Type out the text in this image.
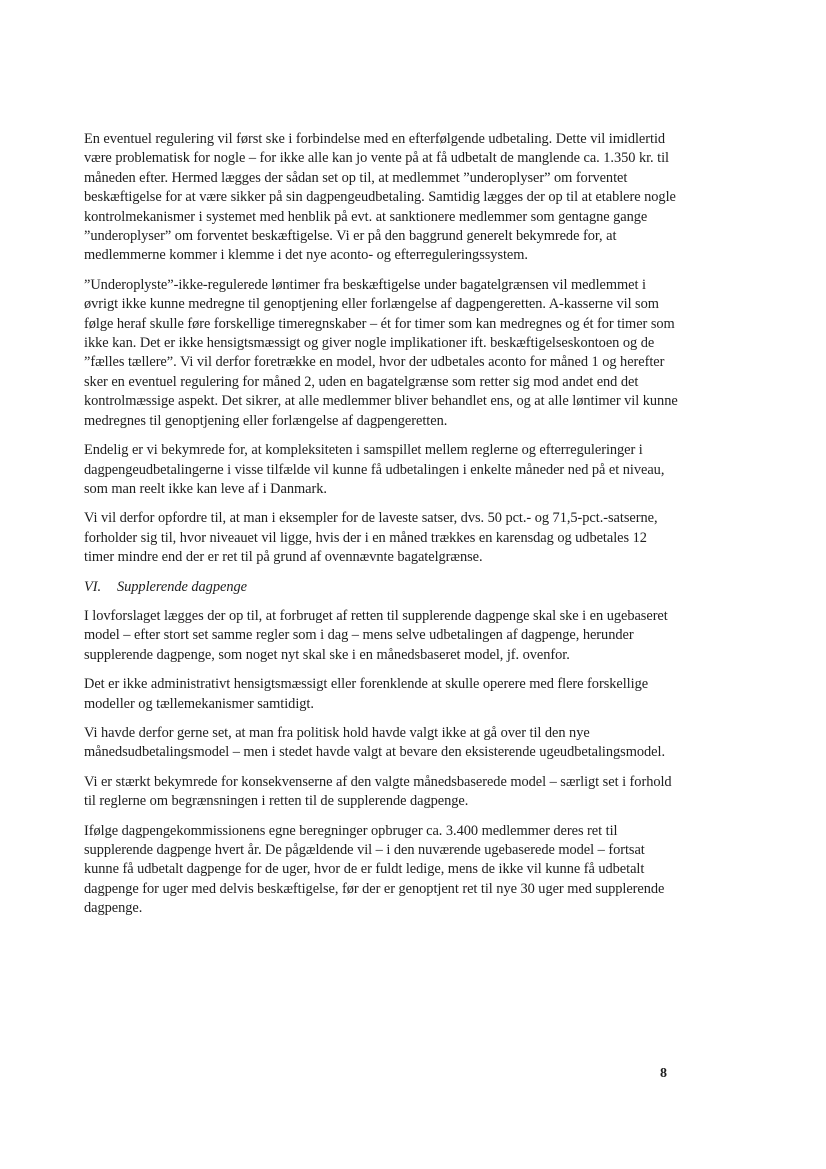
En eventuel regulering vil først ske i forbindelse med en efterfølgende udbetaling. Dette vil imidlertid være problematisk for nogle – for ikke alle kan jo vente på at få udbetalt de manglende ca. 1.350 kr. til måneden efter. Hermed lægges der sådan set op til, at medlemmet ”underoplyser” om forventet beskæftigelse for at være sikker på sin dagpengeudbetaling. Samtidig lægges der op til at etablere nogle kontrolmekanismer i systemet med henblik på evt. at sanktionere medlemmer som gentagne gange ”underoplyser” om forventet beskæftigelse. Vi er på den baggrund generelt bekymrede for, at medlemmerne kommer i klemme i det nye aconto- og efterreguleringssystem.

”Underoplyste”-ikke-regulerede løntimer fra beskæftigelse under bagatelgrænsen vil medlemmet i øvrigt ikke kunne medregne til genoptjening eller forlængelse af dagpengeretten. A-kasserne vil som følge heraf skulle føre forskellige timeregnskaber – ét for timer som kan medregnes og ét for timer som ikke kan. Det er ikke hensigtsmæssigt og giver nogle implikationer ift. beskæftigelseskontoen og de ”fælles tællere”. Vi vil derfor foretrække en model, hvor der udbetales aconto for måned 1 og herefter sker en eventuel regulering for måned 2, uden en bagatelgrænse som retter sig mod andet end det kontrolmæssige aspekt. Det sikrer, at alle medlemmer bliver behandlet ens, og at alle løntimer vil kunne medregnes til genoptjening eller forlængelse af dagpengeretten.

Endelig er vi bekymrede for, at kompleksiteten i samspillet mellem reglerne og efterreguleringer i dagpengeudbetalingerne i visse tilfælde vil kunne få udbetalingen i enkelte måneder ned på et niveau, som man reelt ikke kan leve af i Danmark.

Vi vil derfor opfordre til, at man i eksempler for de laveste satser, dvs. 50 pct.- og 71,5-pct.-satserne, forholder sig til, hvor niveauet vil ligge, hvis der i en måned trækkes en karensdag og udbetales 12 timer mindre end der er ret til på grund af ovennævnte bagatelgrænse.

VI.	Supplerende dagpenge

I lovforslaget lægges der op til, at forbruget af retten til supplerende dagpenge skal ske i en ugebaseret model – efter stort set samme regler som i dag – mens selve udbetalingen af dagpenge, herunder supplerende dagpenge, som noget nyt skal ske i en månedsbaseret model, jf. ovenfor.

Det er ikke administrativt hensigtsmæssigt eller forenklende at skulle operere med flere forskellige modeller og tællemekanismer samtidigt.

Vi havde derfor gerne set, at man fra politisk hold havde valgt ikke at gå over til den nye månedsudbetalingsmodel – men i stedet havde valgt at bevare den eksisterende ugeudbetalingsmodel.

Vi er stærkt bekymrede for konsekvenserne af den valgte månedsbaserede model – særligt set i forhold til reglerne om begrænsningen i retten til de supplerende dagpenge.

Ifølge dagpengekommissionens egne beregninger opbruger ca. 3.400 medlemmer deres ret til supplerende dagpenge hvert år. De pågældende vil – i den nuværende ugebaserede model – fortsat kunne få udbetalt dagpenge for de uger, hvor de er fuldt ledige, mens de ikke vil kunne få udbetalt dagpenge for uger med delvis beskæftigelse, før der er genoptjent ret til nye 30 uger med supplerende dagpenge.

8
